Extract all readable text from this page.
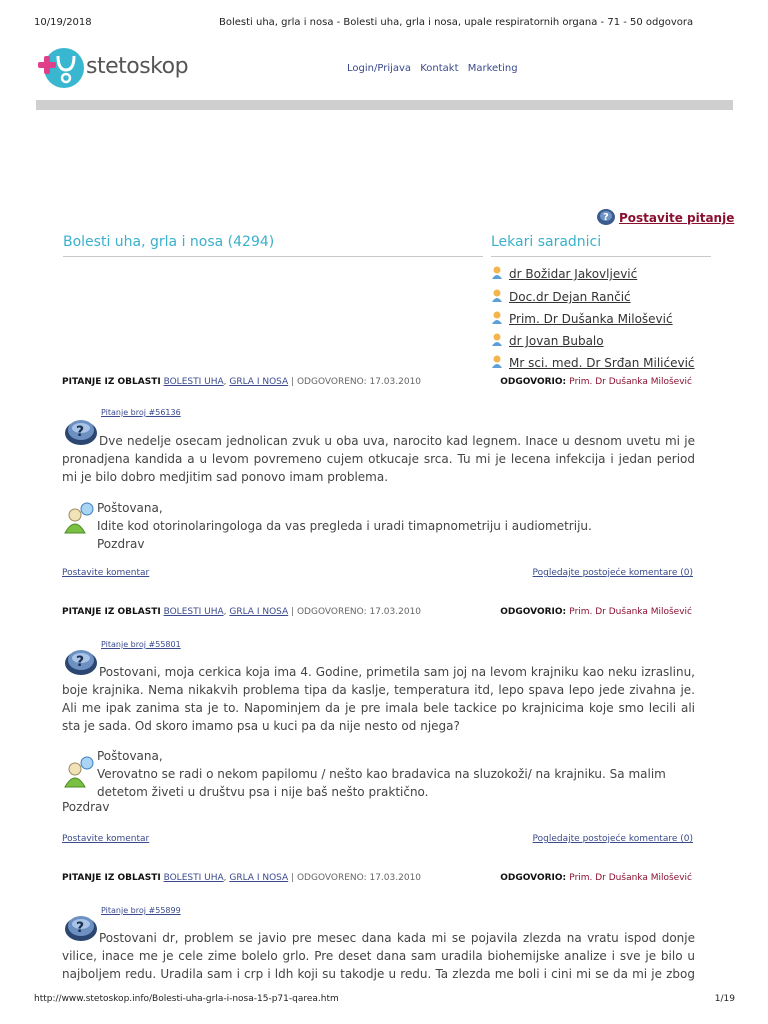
10/19/2018	Bolesti uha, grla i nosa - Bolesti uha, grla i nosa, upale respiratornih organa - 71 - 50 odgovora
stetoskop	Login/Prijava Kontakt Marketing
? Postavite pitanje
Bolesti uha, grla i nosa (4294)	Lekari saradnici
dr Božidar Jakovljević
Doc.dr Dejan Rančić
Prim. Dr Dušanka Milošević
dr Jovan Bubalo
Mr sci. med. Dr Srđan Milićević
PITANJE IZ OBLASTI BOLESTI UHA, GRLA I NOSA | ODGOVORENO: 17.03.2010	ODGOVORIO: Prim. Dr Dušanka Milošević
Pitanje broj #56136
?
Dve nedelje osecam jednolican zvuk u oba uva, narocito kad legnem. Inace u desnom uvetu mi je pronadjena kandida a u levom povremeno cujem otkucaje srca. Tu mi je lecena infekcija i jedan period mi je bilo dobro medjitim sad ponovo imam problema.
Poštovana,
Idite kod otorinolaringologa da vas pregleda i uradi timapnometriju i audiometriju.
Pozdrav
Postavite komentar	Pogledajte postojeće komentare (0)
PITANJE IZ OBLASTI BOLESTI UHA, GRLA I NOSA | ODGOVORENO: 17.03.2010	ODGOVORIO: Prim. Dr Dušanka Milošević
Pitanje broj #55801
?
Postovani, moja cerkica koja ima 4. Godine, primetila sam joj na levom krajniku kao neku izraslinu, boje krajnika. Nema nikakvih problema tipa da kaslje, temperatura itd, lepo spava lepo jede zivahna je. Ali me ipak zanima sta je to. Napominjem da je pre imala bele tackice po krajnicima koje smo lecili ali sta je sada. Od skoro imamo psa u kuci pa da nije nesto od njega?
Poštovana,
Verovatno se radi o nekom papilomu / nešto kao bradavica na sluzokoži/ na krajniku. Sa malim detetom živeti u društvu psa i nije baš nešto praktično.
Pozdrav
Postavite komentar	Pogledajte postojeće komentare (0)
PITANJE IZ OBLASTI BOLESTI UHA, GRLA I NOSA | ODGOVORENO: 17.03.2010	ODGOVORIO: Prim. Dr Dušanka Milošević
Pitanje broj #55899
?
Postovani dr, problem se javio pre mesec dana kada mi se pojavila zlezda na vratu ispod donje vilice, inace me je cele zime bolelo grlo. Pre deset dana sam uradila biohemijske analize i sve je bilo u najboljem redu. Uradila sam i crp i ldh koji su takodje u redu. Ta zlezda me boli i cini mi se da mi je zbog
http://www.stetoskop.info/Bolesti-uha-grla-i-nosa-15-p71-qarea.htm	1/19
